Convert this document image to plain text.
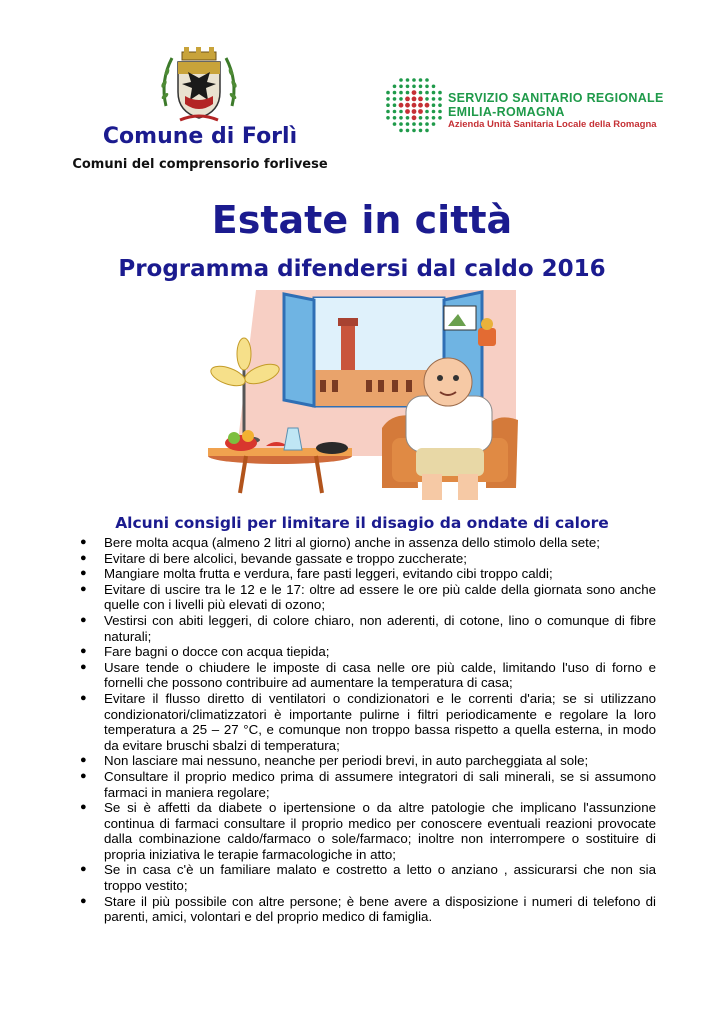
Comune di Forlì
Comuni del comprensorio forlivese
SERVIZIO SANITARIO REGIONALE
EMILIA-ROMAGNA
Azienda Unità Sanitaria Locale della Romagna
Estate in città
Programma difendersi dal caldo 2016
Alcuni consigli per limitare il disagio da ondate di calore
● Bere molta acqua (almeno 2 litri al giorno) anche in assenza dello stimolo della sete;
● Evitare di bere alcolici, bevande gassate e troppo zuccherate;
● Mangiare molta frutta e verdura, fare pasti leggeri, evitando cibi troppo caldi;
● Evitare di uscire tra le 12 e le 17: oltre ad essere le ore più calde della giornata sono anche quelle con i livelli più elevati di ozono;
● Vestirsi con abiti leggeri, di colore chiaro, non aderenti, di cotone, lino o comunque di fibre naturali;
● Fare bagni o docce con acqua tiepida;
● Usare tende o chiudere le imposte di casa nelle ore più calde, limitando l'uso di forno e fornelli che possono contribuire ad aumentare la temperatura di casa;
● Evitare il flusso diretto di ventilatori o condizionatori e le correnti d'aria; se si utilizzano condizionatori/climatizzatori è importante pulirne i filtri periodicamente e regolare la loro temperatura a 25 – 27 °C, e comunque non troppo bassa rispetto a quella esterna, in modo da evitare bruschi sbalzi di temperatura;
● Non lasciare mai nessuno, neanche per periodi brevi, in auto parcheggiata al sole;
● Consultare il proprio medico prima di assumere integratori di sali minerali, se si assumono farmaci in maniera regolare;
● Se si è affetti da diabete o ipertensione o da altre patologie che implicano l'assunzione continua di farmaci consultare il proprio medico per conoscere eventuali reazioni provocate dalla combinazione caldo/farmaco o sole/farmaco; inoltre non interrompere o sostituire di propria iniziativa le terapie farmacologiche in atto;
● Se in casa c'è un familiare malato e costretto a letto o anziano , assicurarsi che non sia troppo vestito;
● Stare il più possibile con altre persone; è bene avere a disposizione i numeri di telefono di parenti, amici, volontari e del proprio medico di famiglia.
